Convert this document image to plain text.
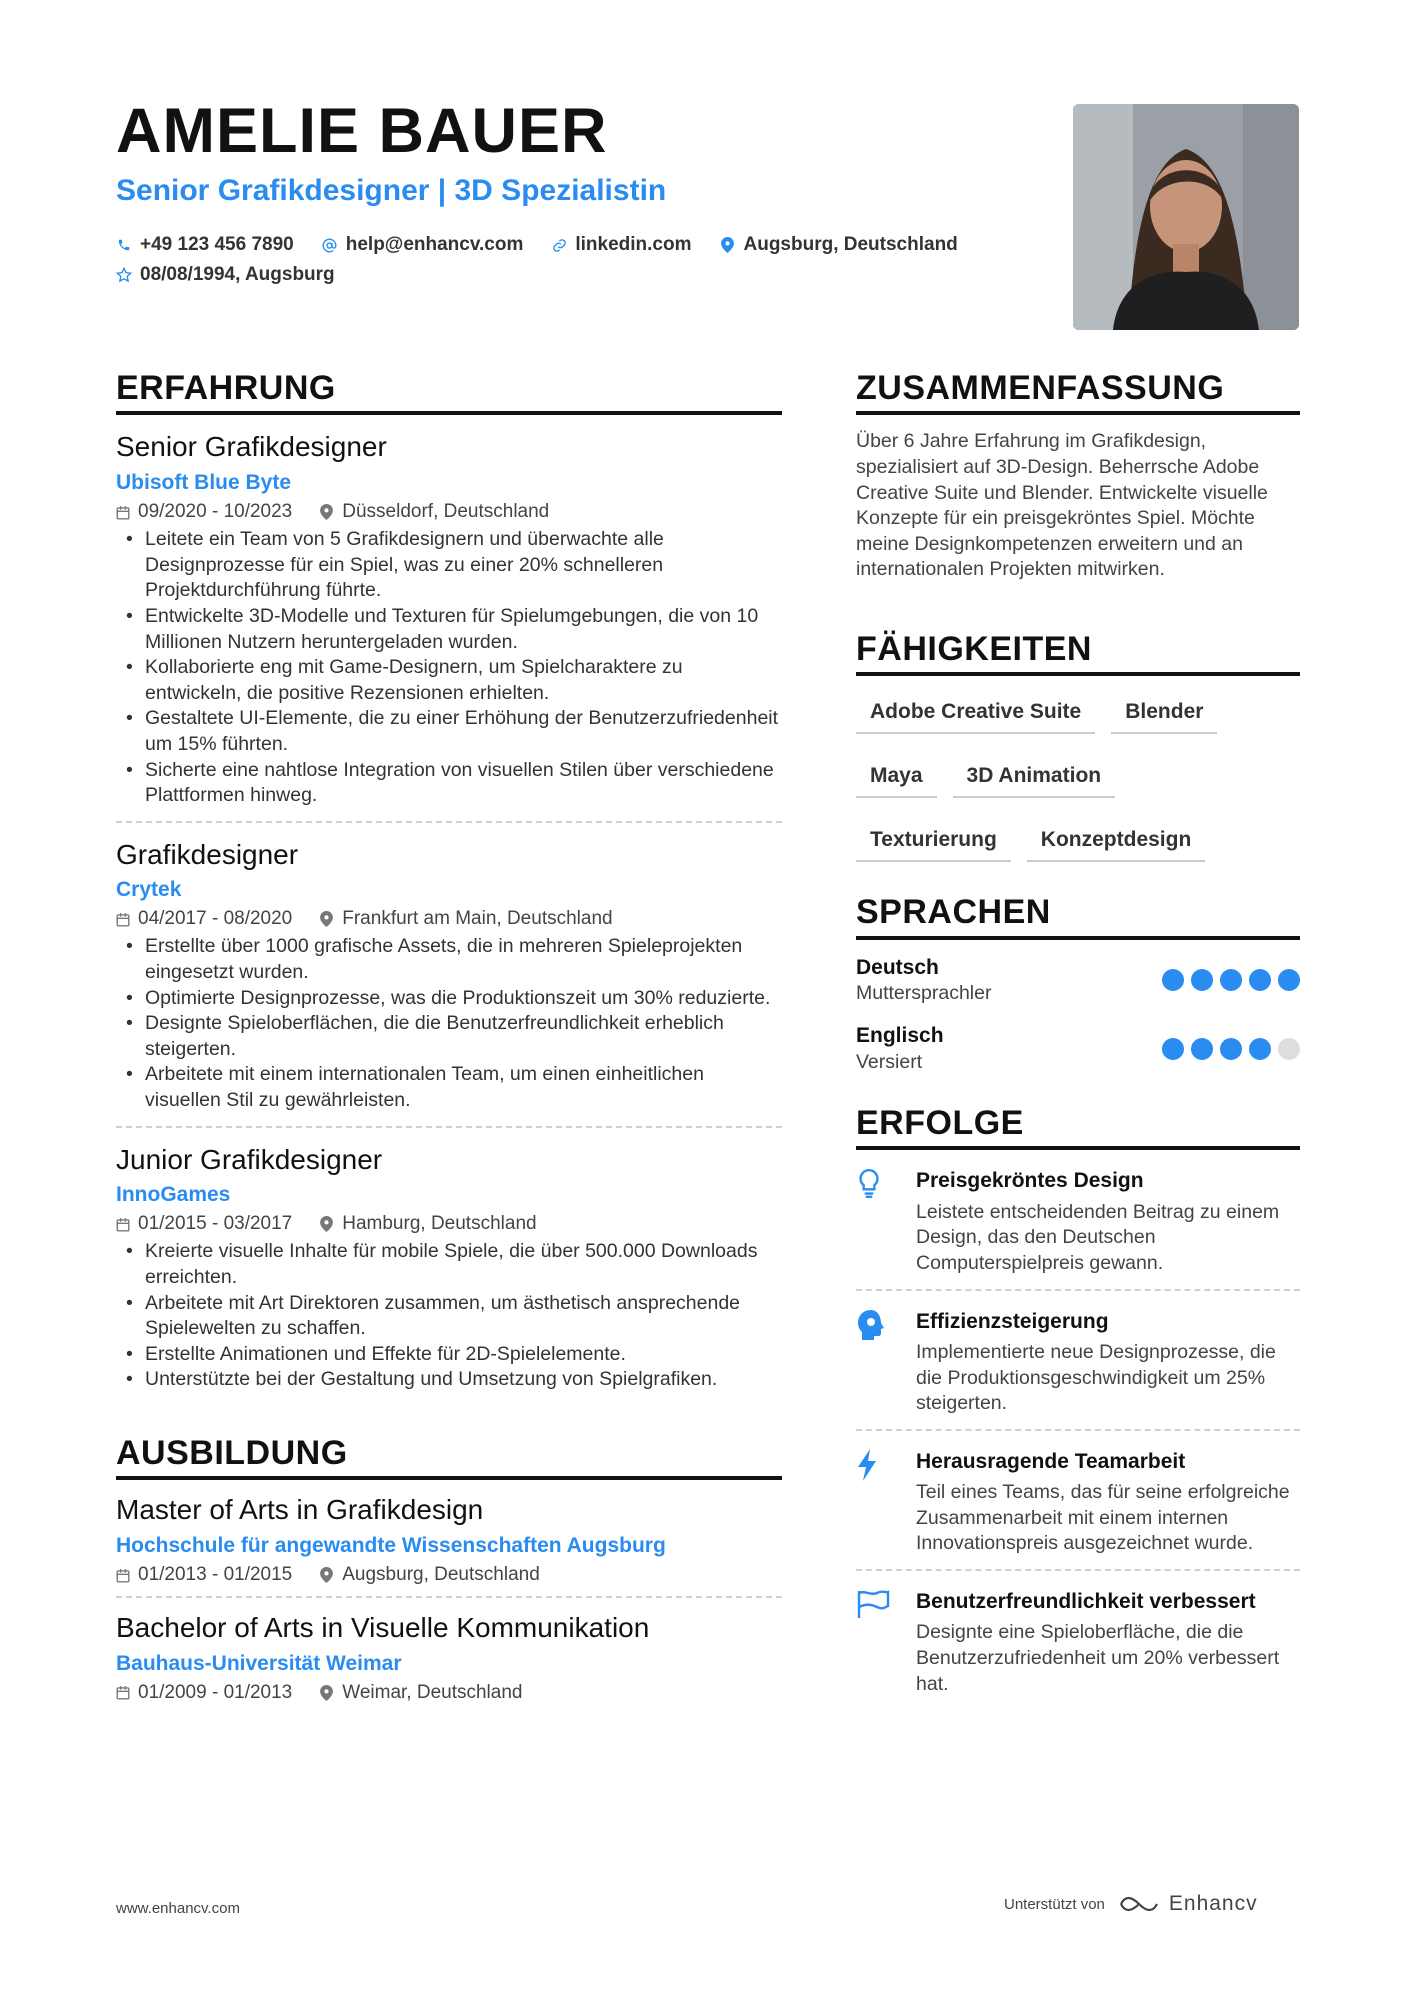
AMELIE BAUER
Senior Grafikdesigner | 3D Spezialistin
+49 123 456 7890	help@enhancv.com	linkedin.com	Augsburg, Deutschland
08/08/1994, Augsburg
ERFAHRUNG
Senior Grafikdesigner
Ubisoft Blue Byte
09/2020 - 10/2023	Düsseldorf, Deutschland
• Leitete ein Team von 5 Grafikdesignern und überwachte alle Designprozesse für ein Spiel, was zu einer 20% schnelleren Projektdurchführung führte.
• Entwickelte 3D-Modelle und Texturen für Spielumgebungen, die von 10 Millionen Nutzern heruntergeladen wurden.
• Kollaborierte eng mit Game-Designern, um Spielcharaktere zu entwickeln, die positive Rezensionen erhielten.
• Gestaltete UI-Elemente, die zu einer Erhöhung der Benutzerzufriedenheit um 15% führten.
• Sicherte eine nahtlose Integration von visuellen Stilen über verschiedene Plattformen hinweg.
Grafikdesigner
Crytek
04/2017 - 08/2020	Frankfurt am Main, Deutschland
• Erstellte über 1000 grafische Assets, die in mehreren Spieleprojekten eingesetzt wurden.
• Optimierte Designprozesse, was die Produktionszeit um 30% reduzierte.
• Designte Spieloberflächen, die die Benutzerfreundlichkeit erheblich steigerten.
• Arbeitete mit einem internationalen Team, um einen einheitlichen visuellen Stil zu gewährleisten.
Junior Grafikdesigner
InnoGames
01/2015 - 03/2017	Hamburg, Deutschland
• Kreierte visuelle Inhalte für mobile Spiele, die über 500.000 Downloads erreichten.
• Arbeitete mit Art Direktoren zusammen, um ästhetisch ansprechende Spielewelten zu schaffen.
• Erstellte Animationen und Effekte für 2D-Spielelemente.
• Unterstützte bei der Gestaltung und Umsetzung von Spielgrafiken.
AUSBILDUNG
Master of Arts in Grafikdesign
Hochschule für angewandte Wissenschaften Augsburg
01/2013 - 01/2015	Augsburg, Deutschland
Bachelor of Arts in Visuelle Kommunikation
Bauhaus-Universität Weimar
01/2009 - 01/2013	Weimar, Deutschland
ZUSAMMENFASSUNG
Über 6 Jahre Erfahrung im Grafikdesign, spezialisiert auf 3D-Design. Beherrsche Adobe Creative Suite und Blender. Entwickelte visuelle Konzepte für ein preisgekröntes Spiel. Möchte meine Designkompetenzen erweitern und an internationalen Projekten mitwirken.
FÄHIGKEITEN
Adobe Creative Suite	Blender
Maya	3D Animation
Texturierung	Konzeptdesign
SPRACHEN
Deutsch
Muttersprachler
Englisch
Versiert
ERFOLGE
Preisgekröntes Design
Leistete entscheidenden Beitrag zu einem Design, das den Deutschen Computerspielpreis gewann.
Effizienzsteigerung
Implementierte neue Designprozesse, die die Produktionsgeschwindigkeit um 25% steigerten.
Herausragende Teamarbeit
Teil eines Teams, das für seine erfolgreiche Zusammenarbeit mit einem internen Innovationspreis ausgezeichnet wurde.
Benutzerfreundlichkeit verbessert
Designte eine Spieloberfläche, die die Benutzerzufriedenheit um 20% verbessert hat.
www.enhancv.com	Unterstützt von	Enhancv
